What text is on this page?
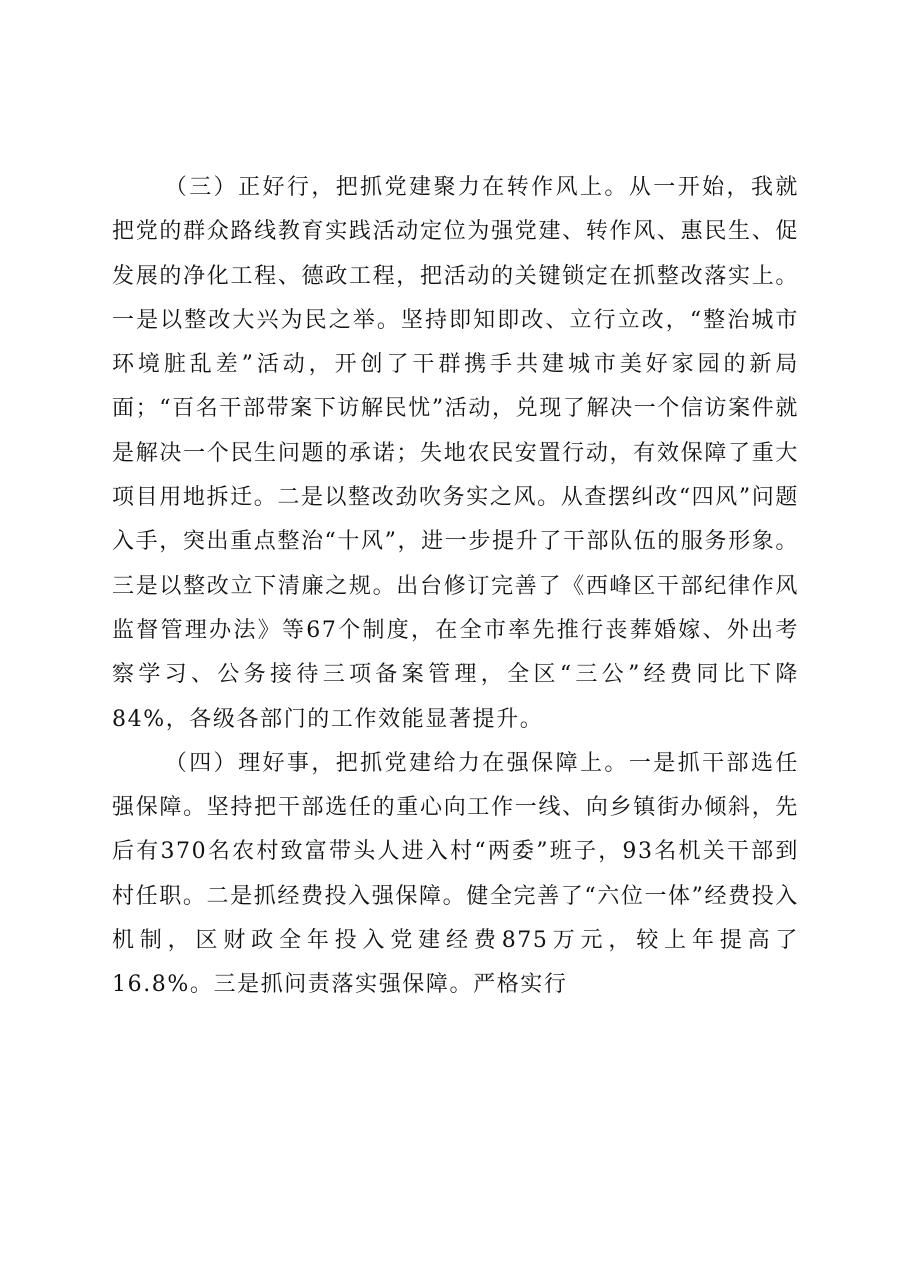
（三）正好行，把抓党建聚力在转作风上。从一开始，我就把党的群众路线教育实践活动定位为强党建、转作风、惠民生、促发展的净化工程、德政工程，把活动的关键锁定在抓整改落实上。一是以整改大兴为民之举。坚持即知即改、立行立改，“整治城市环境脏乱差”活动，开创了干群携手共建城市美好家园的新局面；“百名干部带案下访解民忧”活动，兑现了解决一个信访案件就是解决一个民生问题的承诺；失地农民安置行动，有效保障了重大项目用地拆迁。二是以整改劲吹务实之风。从查摆纠改“四风”问题入手，突出重点整治“十风”，进一步提升了干部队伍的服务形象。三是以整改立下清廉之规。出台修订完善了《西峰区干部纪律作风监督管理办法》等67个制度，在全市率先推行丧葬婚嫁、外出考察学习、公务接待三项备案管理，全区“三公”经费同比下降84%，各级各部门的工作效能显著提升。

（四）理好事，把抓党建给力在强保障上。一是抓干部选任强保障。坚持把干部选任的重心向工作一线、向乡镇街办倾斜，先后有370名农村致富带头人进入村“两委”班子，93名机关干部到村任职。二是抓经费投入强保障。健全完善了“六位一体”经费投入机制，区财政全年投入党建经费875万元，较上年提高了16.8%。三是抓问责落实强保障。严格实行
